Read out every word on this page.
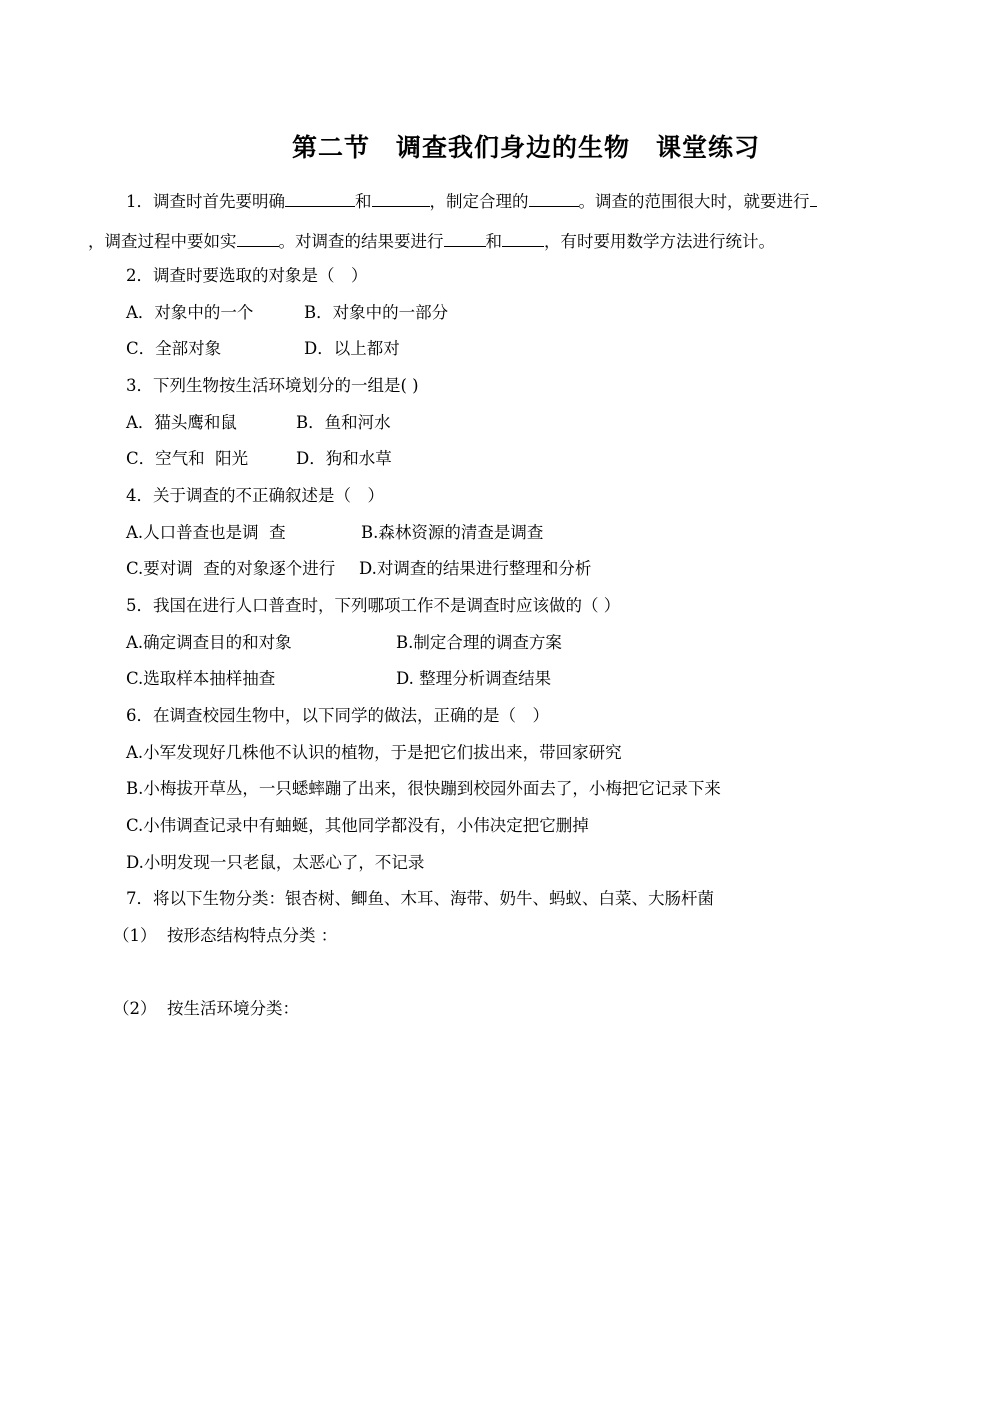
第二节　调查我们身边的生物　课堂练习
1．调查时首先要明确	和	，制定合理的	。调查的范围很大时，就要进行
，调查过程中要如实	。对调查的结果要进行	和	，有时要用数学方法进行统计。
2．调查时要选取的对象是（　）
A．对象中的一个	B．对象中的一部分
C．全部对象	D．以上都对
3．下列生物按生活环境划分的一组是( )
A．猫头鹰和鼠	B．鱼和河水
C．空气和  阳光	D．狗和水草
4．关于调查的不正确叙述是（　）
A.人口普查也是调  查	B.森林资源的清查是调查
C.要对调  查的对象逐个进行 D.对调查的结果进行整理和分析
5．我国在进行人口普查时，下列哪项工作不是调查时应该做的（ ）
A.确定调查目的和对象	B.制定合理的调查方案
C.选取样本抽样抽查	D. 整理分析调查结果
6．在调查校园生物中，以下同学的做法，正确的是（　）
A.小军发现好几株他不认识的植物，于是把它们拔出来，带回家研究
B.小梅拔开草丛，一只蟋蟀蹦了出来，很快蹦到校园外面去了，小梅把它记录下来
C.小伟调查记录中有蚰蜒，其他同学都没有，小伟决定把它删掉
D.小明发现一只老鼠，太恶心了，不记录
7．将以下生物分类：银杏树、鲫鱼、木耳、海带、奶牛、蚂蚁、白菜、大肠杆菌
（1）  按形态结构特点分类 ：
（2）  按生活环境分类：
